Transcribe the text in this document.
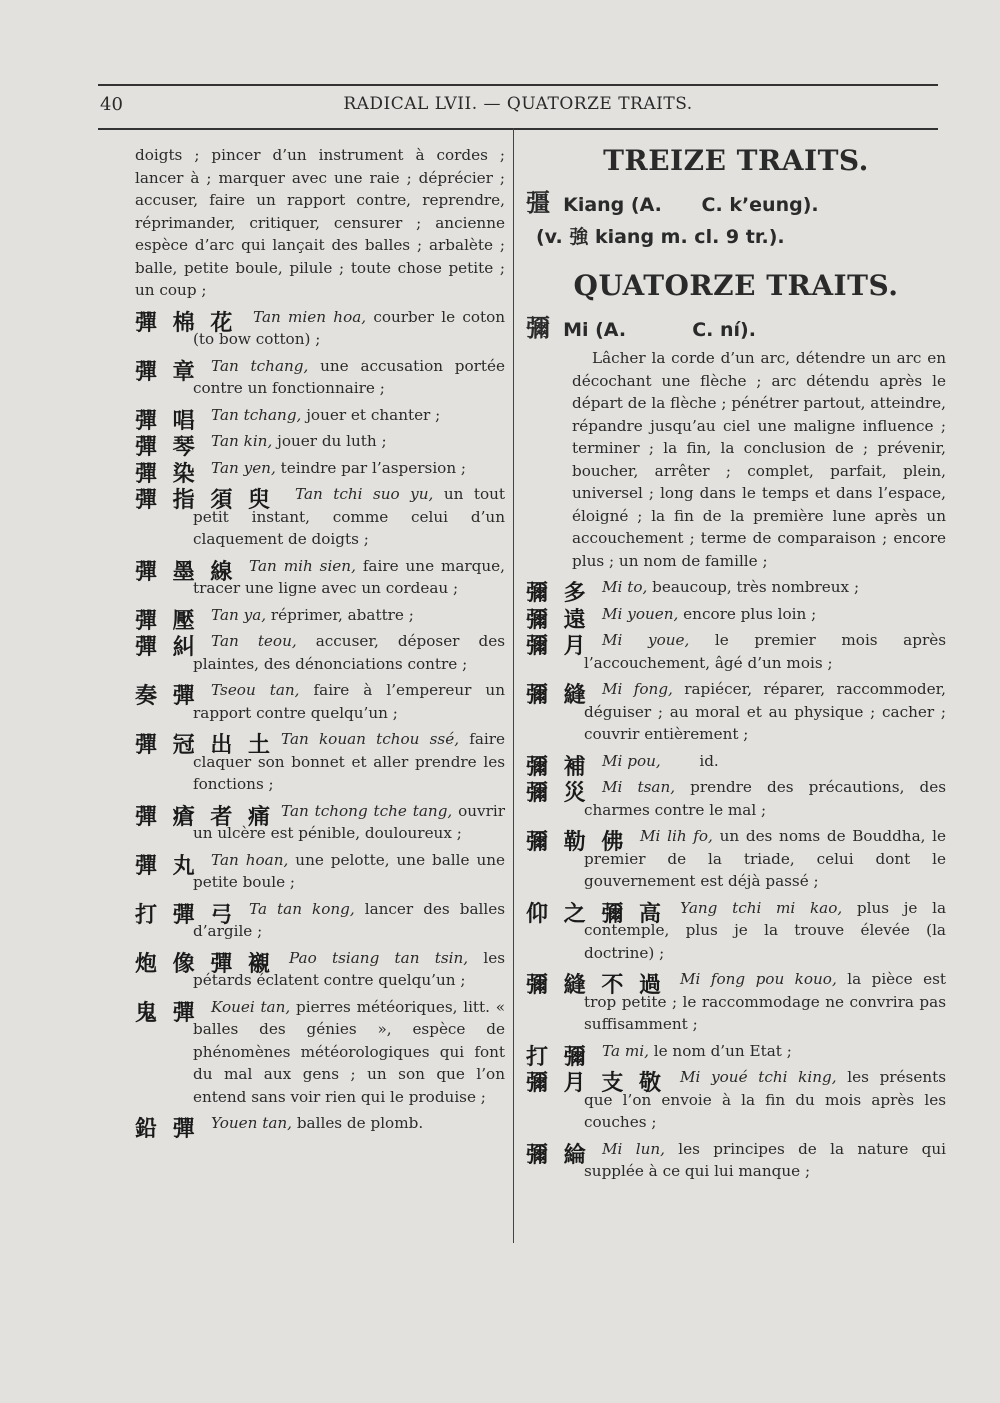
40	RADICAL LVII. — QUATORZE TRAITS.
doigts ; pincer d’un instrument à cordes ; lancer à ; marquer avec une raie ; déprécier ; accuser, faire un rapport contre, reprendre, réprimander, critiquer, censurer ; ancienne espèce d’arc qui lançait des balles ; arbalète ; balle, petite boule, pilule ; toute chose petite ; un coup ;
彈 棉 花	Tan mien hoa, courber le coton (to bow cotton) ;
彈 章 Tan tchang, une accusation portée contre un fonctionnaire ;
彈 唱 Tan tchang, jouer et chanter ;
彈 琴 Tan kin, jouer du luth ;
彈 染 Tan yen, teindre par l’aspersion ;
彈 指 須 臾	Tan tchi suo yu, un tout petit instant, comme celui d’un claquement de doigts ;
彈 墨 線 Tan mih sien, faire une marque, tracer une ligne avec un cordeau ;
彈 壓 Tan ya, réprimer, abattre ;
彈 糾 Tan teou, accuser, déposer des plaintes, des dénonciations contre ;
奏 彈 Tseou tan, faire à l’empereur un rapport contre quelqu’un ;
彈 冠 出 土 Tan kouan tchou ssé, faire claquer son bonnet et aller prendre les fonctions ;
彈 瘡 者 痛 Tan tchong tche tang, ouvrir un ulcère est pénible, douloureux ;
彈 丸 Tan hoan, une pelotte, une balle une petite boule ;
打 彈 弓 Ta tan kong, lancer des balles d’argile ;
炮 像 彈 襯 Pao tsiang tan tsin, les pétards éclatent contre quelqu’un ;
鬼 彈 Kouei tan, pierres météoriques, litt. « balles des génies », espèce de phénomènes météorologiques qui font du mal aux gens ; un son que l’on entend sans voir rien qui le produise ;
鉛 彈 Youen tan, balles de plomb.
TREIZE TRAITS.
彊 Kiang (A.      C. k’eung).
(v. 強 kiang m. cl. 9 tr.).
QUATORZE TRAITS.
彌 Mi (A.          C. ní).
Lâcher la corde d’un arc, détendre un arc en décochant une flèche ; arc détendu après le départ de la flèche ; pénétrer partout, atteindre, répandre jusqu’au ciel une maligne influence ; terminer ; la fin, la conclusion de ; prévenir, boucher, arrêter ; complet, parfait, plein, universel ; long dans le temps et dans l’espace, éloigné ; la fin de la première lune après un accouchement ; terme de comparaison ; encore plus ; un nom de famille ;
彌 多 Mi to, beaucoup, très nombreux ;
彌 遠 Mi youen, encore plus loin ;
彌 月 Mi youe, le premier mois après l’accouchement, âgé d’un mois ;
彌 縫 Mi fong, rapiécer, réparer, raccommoder, déguiser ; au moral et au physique ; cacher ; couvrir entièrement ;
彌 補 Mi pou,        id.
彌 災 Mi tsan, prendre des précautions, des charmes contre le mal ;
彌 勒 佛 Mi lih fo, un des noms de Bouddha, le premier de la triade, celui dont le gouvernement est déjà passé ;
仰 之 彌 高 Yang tchi mi kao, plus je la contemple, plus je la trouve élevée (la doctrine) ;
彌 縫 不 過 Mi fong pou kouo, la pièce est trop petite ; le raccommodage ne convrira pas suffisamment ;
打 彌 Ta mi, le nom d’un Etat ;
彌 月 支 敬 Mi youé tchi king, les présents que l’on envoie à la fin du mois après les couches ;
彌 綸 Mi lun, les principes de la nature qui supplée à ce qui lui manque ;
